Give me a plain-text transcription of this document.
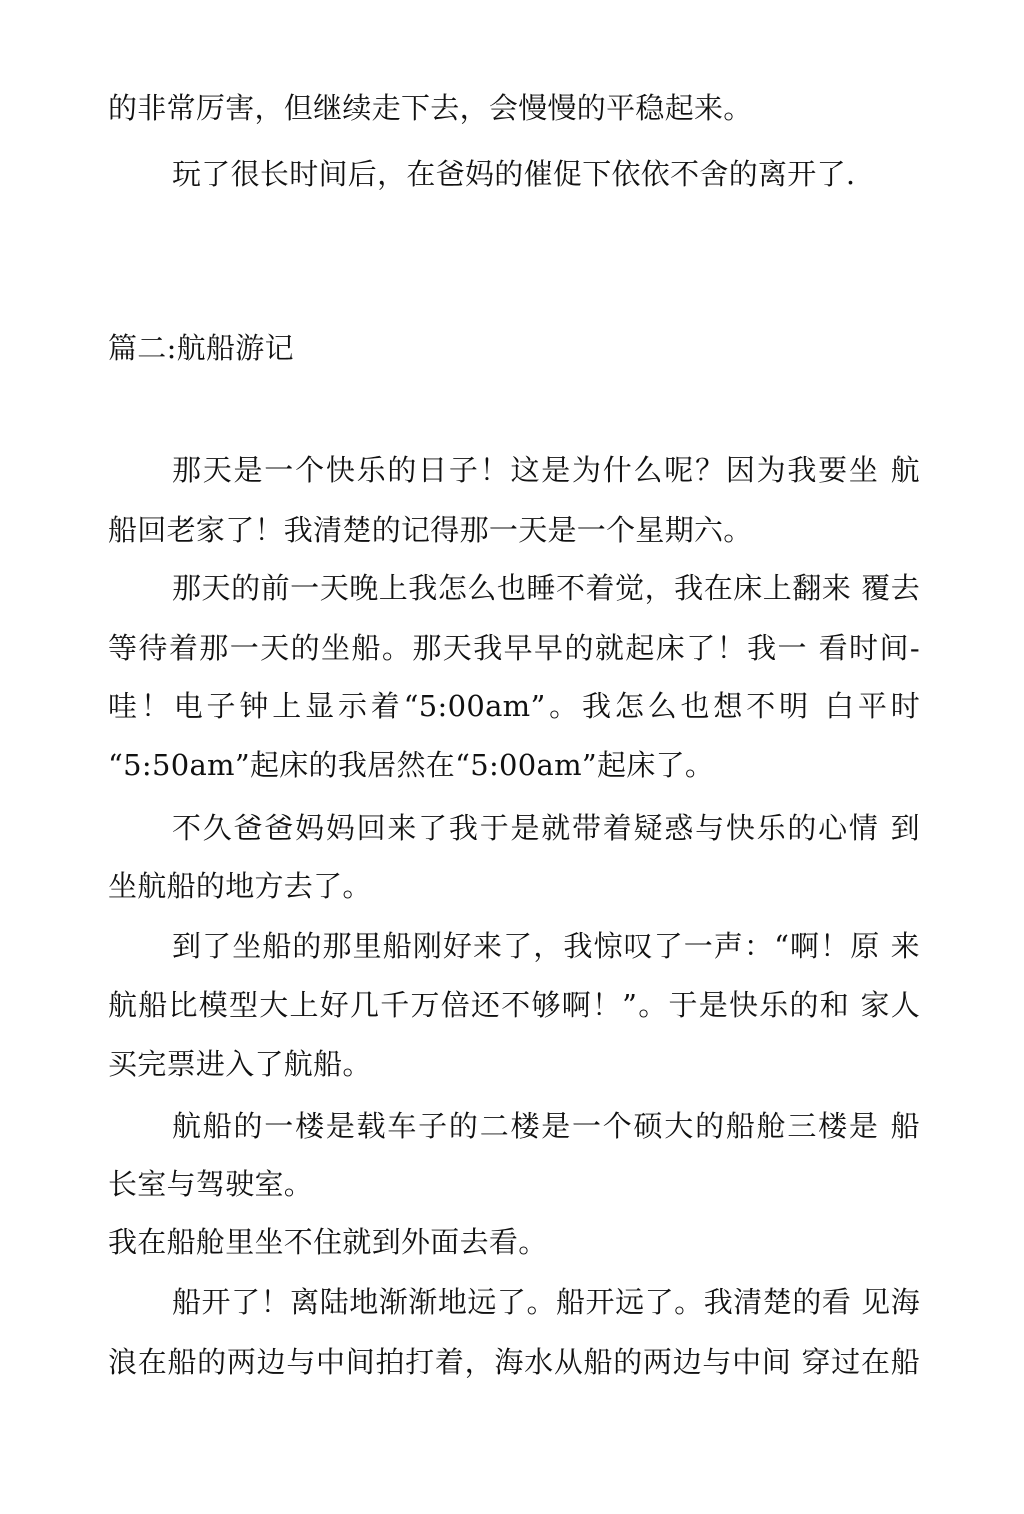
的非常厉害，但继续走下去，会慢慢的平稳起来。
玩了很长时间后，在爸妈的催促下依依不舍的离开了.
篇二:航船游记
那天是一个快乐的日子！这是为什么呢？因为我要坐 航
船回老家了！我清楚的记得那一天是一个星期六。
那天的前一天晚上我怎么也睡不着觉，我在床上翻来 覆去
等待着那一天的坐船。那天我早早的就起床了！我一 看时间-
哇！电子钟上显示着“5:00am”。我怎么也想不明 白平时
“5:50am”起床的我居然在“5:00am”起床了。
不久爸爸妈妈回来了我于是就带着疑惑与快乐的心情 到
坐航船的地方去了。
到了坐船的那里船刚好来了，我惊叹了一声：“啊！原 来
航船比模型大上好几千万倍还不够啊！”。于是快乐的和 家人
买完票进入了航船。
航船的一楼是载车子的二楼是一个硕大的船舱三楼是 船
长室与驾驶室。
我在船舱里坐不住就到外面去看。
船开了！离陆地渐渐地远了。船开远了。我清楚的看 见海
浪在船的两边与中间拍打着，海水从船的两边与中间 穿过在船
